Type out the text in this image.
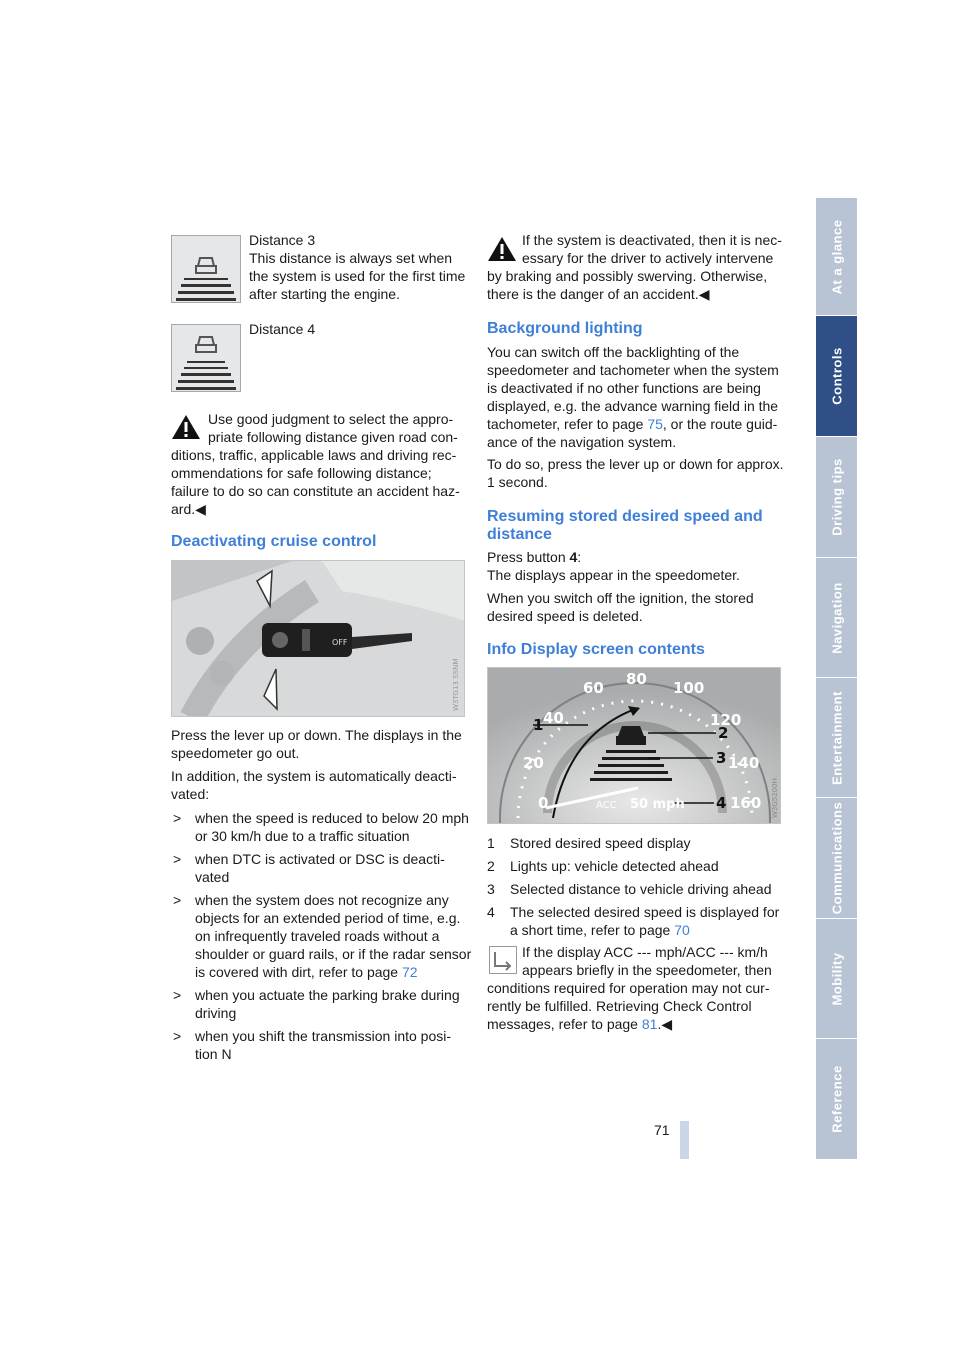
At a glance
Controls
Driving tips
Navigation
Entertainment
Communications
Mobility
Reference
Distance 3
This distance is always set when
the system is used for the first time
after starting the engine.
Distance 4
Use good judgment to select the appro-
priate following distance given road con-
ditions, traffic, applicable laws and driving rec-
ommendations for safe following distance;
failure to do so can constitute an accident haz-
ard.◀
Deactivating cruise control
OFF
W3TG13 SSNM
Press the lever up or down. The displays in the
speedometer go out.
In addition, the system is automatically deacti-
vated:
> when the speed is reduced to below 20 mph
or 30 km/h due to a traffic situation
> when DTC is activated or DSC is deacti-
vated
> when the system does not recognize any
objects for an extended period of time, e.g.
on infrequently traveled roads without a
shoulder or guard rails, or if the radar sensor
is covered with dirt, refer to page 72
> when you actuate the parking brake during
driving
> when you shift the transmission into posi-
tion N
If the system is deactivated, then it is nec-
essary for the driver to actively intervene
by braking and possibly swerving. Otherwise,
there is the danger of an accident.◀
Background lighting
You can switch off the backlighting of the
speedometer and tachometer when the system
is deactivated if no other functions are being
displayed, e.g. the advance warning field in the
tachometer, refer to page 75, or the route guid-
ance of the navigation system.
To do so, press the lever up or down for approx.
1 second.
Resuming stored desired speed and
distance
Press button 4:
The displays appear in the speedometer.
When you switch off the ignition, the stored
desired speed is deleted.
Info Display screen contents
0
20
40
60 80 100
120
140
160
ACC 50 mph
1	2
3
4	W3G5200H
1 Stored desired speed display
2 Lights up: vehicle detected ahead
3 Selected distance to vehicle driving ahead
4 The selected desired speed is displayed for
a short time, refer to page 70
If the display ACC --- mph/ACC --- km/h
appears briefly in the speedometer, then
conditions required for operation may not cur-
rently be fulfilled. Retrieving Check Control
messages, refer to page 81.◀
71
